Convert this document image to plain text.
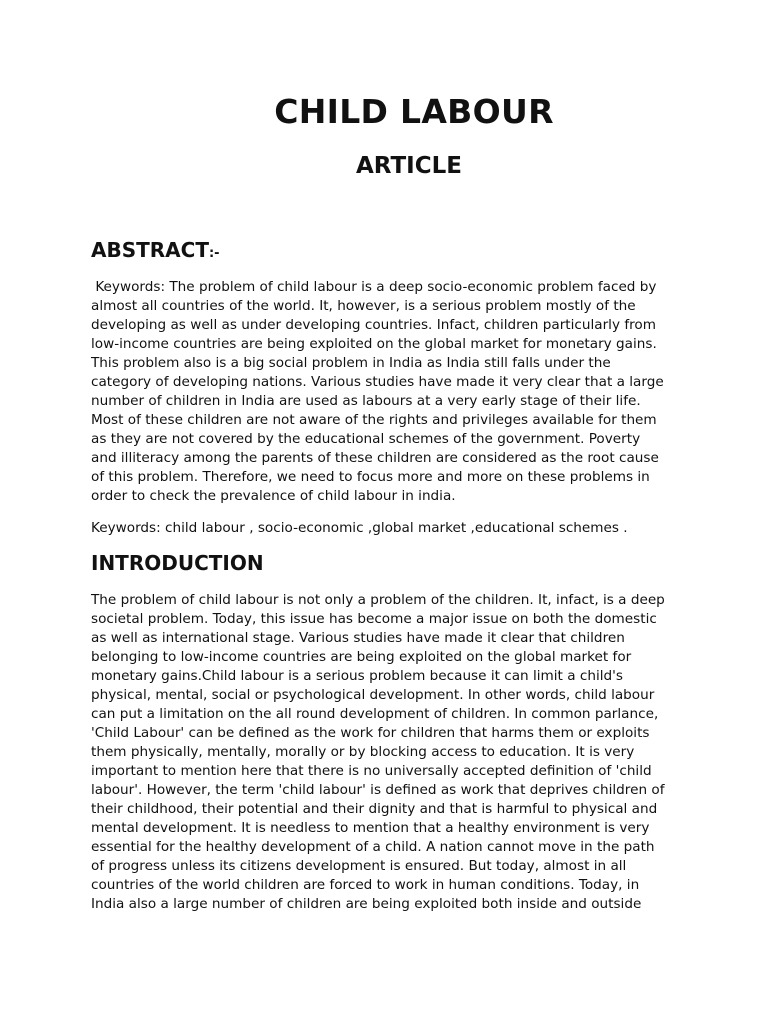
CHILD LABOUR
ARTICLE
ABSTRACT:-

Keywords: The problem of child labour is a deep socio-economic problem faced by
almost all countries of the world. It, however, is a serious problem mostly of the
developing as well as under developing countries. Infact, children particularly from
low-income countries are being exploited on the global market for monetary gains.
This problem also is a big social problem in India as India still falls under the
category of developing nations. Various studies have made it very clear that a large
number of children in India are used as labours at a very early stage of their life.
Most of these children are not aware of the rights and privileges available for them
as they are not covered by the educational schemes of the government. Poverty
and illiteracy among the parents of these children are considered as the root cause
of this problem. Therefore, we need to focus more and more on these problems in
order to check the prevalence of child labour in india.

Keywords: child labour , socio-economic ,global market ,educational schemes .

INTRODUCTION

The problem of child labour is not only a problem of the children. It, infact, is a deep
societal problem. Today, this issue has become a major issue on both the domestic
as well as international stage. Various studies have made it clear that children
belonging to low-income countries are being exploited on the global market for
monetary gains.Child labour is a serious problem because it can limit a child's
physical, mental, social or psychological development. In other words, child labour
can put a limitation on the all round development of children. In common parlance,
'Child Labour' can be defined as the work for children that harms them or exploits
them physically, mentally, morally or by blocking access to education. It is very
important to mention here that there is no universally accepted definition of 'child
labour'. However, the term 'child labour' is defined as work that deprives children of
their childhood, their potential and their dignity and that is harmful to physical and
mental development. It is needless to mention that a healthy environment is very
essential for the healthy development of a child. A nation cannot move in the path
of progress unless its citizens development is ensured. But today, almost in all
countries of the world children are forced to work in human conditions. Today, in
India also a large number of children are being exploited both inside and outside
